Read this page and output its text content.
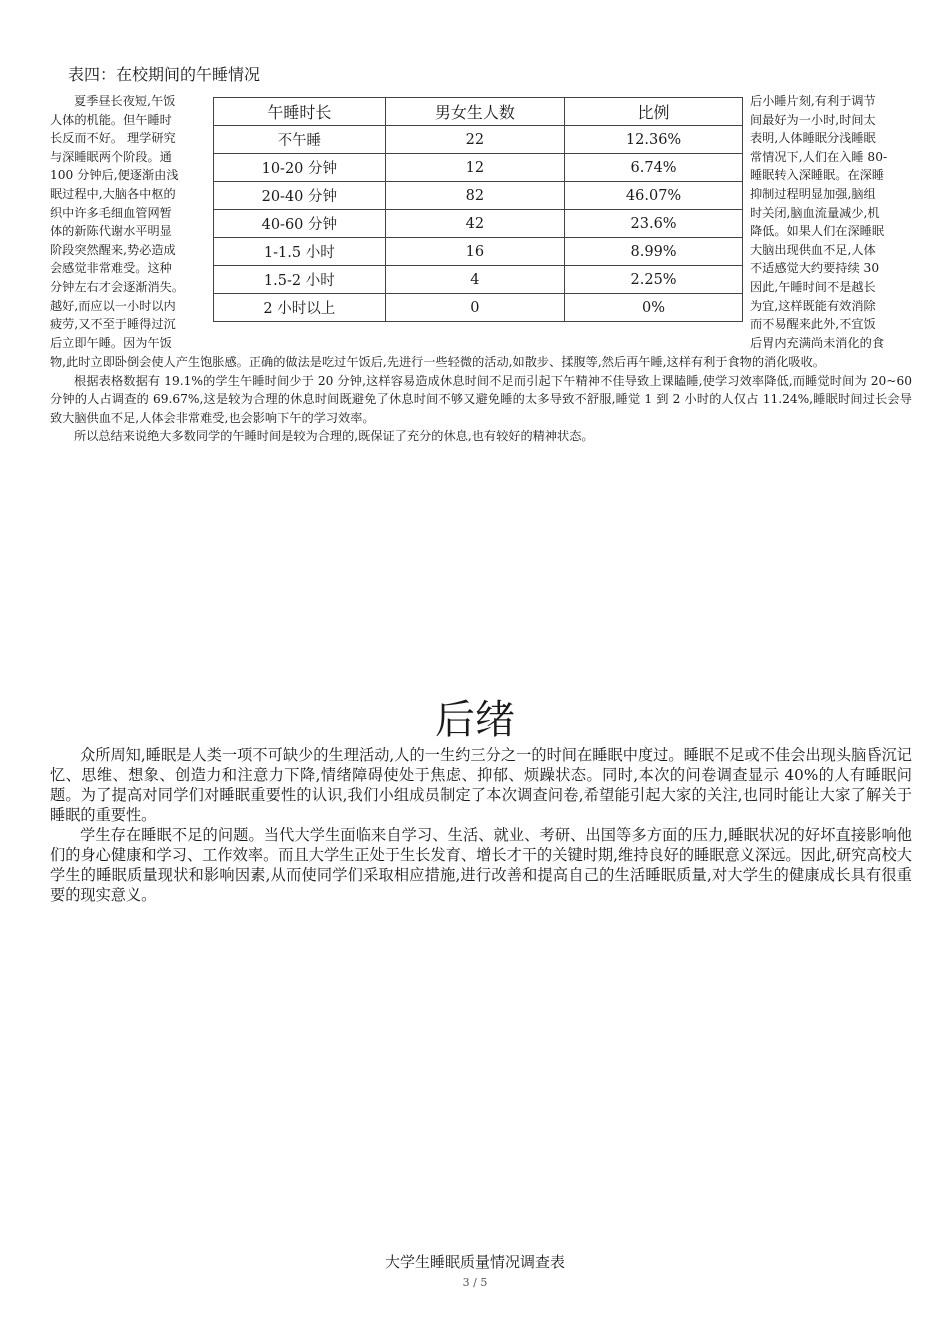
表四：在校期间的午睡情况

夏季昼长夜短,午饭

人体的机能。但午睡时

长反而不好。 理学研究

与深睡眠两个阶段。通

100 分钟后,便逐渐由浅

眠过程中,大脑各中枢的

织中许多毛细血管网暂

体的新陈代谢水平明显

阶段突然醒来,势必造成

会感觉非常难受。这种

分钟左右才会逐渐消失。

越好,而应以一小时以内

疲劳,又不至于睡得过沉

后立即午睡。因为午饭

午睡时长	男女生人数	比例
不午睡	22	12.36%
10-20 分钟	12	6.74%
20-40 分钟	82	46.07%
40-60 分钟	42	23.6%
1-1.5 小时	16	8.99%
1.5-2 小时	4	2.25%
2 小时以上	0	0%

后小睡片刻,有利于调节

间最好为一小时,时间太

表明,人体睡眠分浅睡眠

常情况下,人们在入睡 80-

睡眠转入深睡眠。在深睡

抑制过程明显加强,脑组

时关闭,脑血流量减少,机

降低。如果人们在深睡眠

大脑出现供血不足,人体

不适感觉大约要持续 30

因此,午睡时间不是越长

为宜,这样既能有效消除

而不易醒来此外,不宜饭

后胃内充满尚未消化的食

物,此时立即卧倒会使人产生饱胀感。正确的做法是吃过午饭后,先进行一些轻微的活动,如散步、揉腹等,然后再午睡,这样有利于食物的消化吸收。

根据表格数据有 19.1%的学生午睡时间少于 20 分钟,这样容易造成休息时间不足而引起下午精神不佳导致上课瞌睡,使学习效率降低,而睡觉时间为 20~60 分钟的人占调查的 69.67%,这是较为合理的休息时间既避免了休息时间不够又避免睡的太多导致不舒服,睡觉 1 到 2 小时的人仅占 11.24%,睡眠时间过长会导致大脑供血不足,人体会非常难受,也会影响下午的学习效率。

所以总结来说绝大多数同学的午睡时间是较为合理的,既保证了充分的休息,也有较好的精神状态。

后绪

众所周知,睡眠是人类一项不可缺少的生理活动,人的一生约三分之一的时间在睡眠中度过。睡眠不足或不佳会出现头脑昏沉记忆、思维、想象、创造力和注意力下降,情绪障碍使处于焦虑、抑郁、烦躁状态。同时,本次的问卷调查显示 40%的人有睡眠问题。为了提高对同学们对睡眠重要性的认识,我们小组成员制定了本次调查问卷,希望能引起大家的关注,也同时能让大家了解关于睡眠的重要性。

学生存在睡眠不足的问题。当代大学生面临来自学习、生活、就业、考研、出国等多方面的压力,睡眠状况的好坏直接影响他们的身心健康和学习、工作效率。而且大学生正处于生长发育、增长才干的关键时期,维持良好的睡眠意义深远。因此,研究高校大学生的睡眠质量现状和影响因素,从而使同学们采取相应措施,进行改善和提高自己的生活睡眠质量,对大学生的健康成长具有很重要的现实意义。

大学生睡眠质量情况调查表
3 / 5
